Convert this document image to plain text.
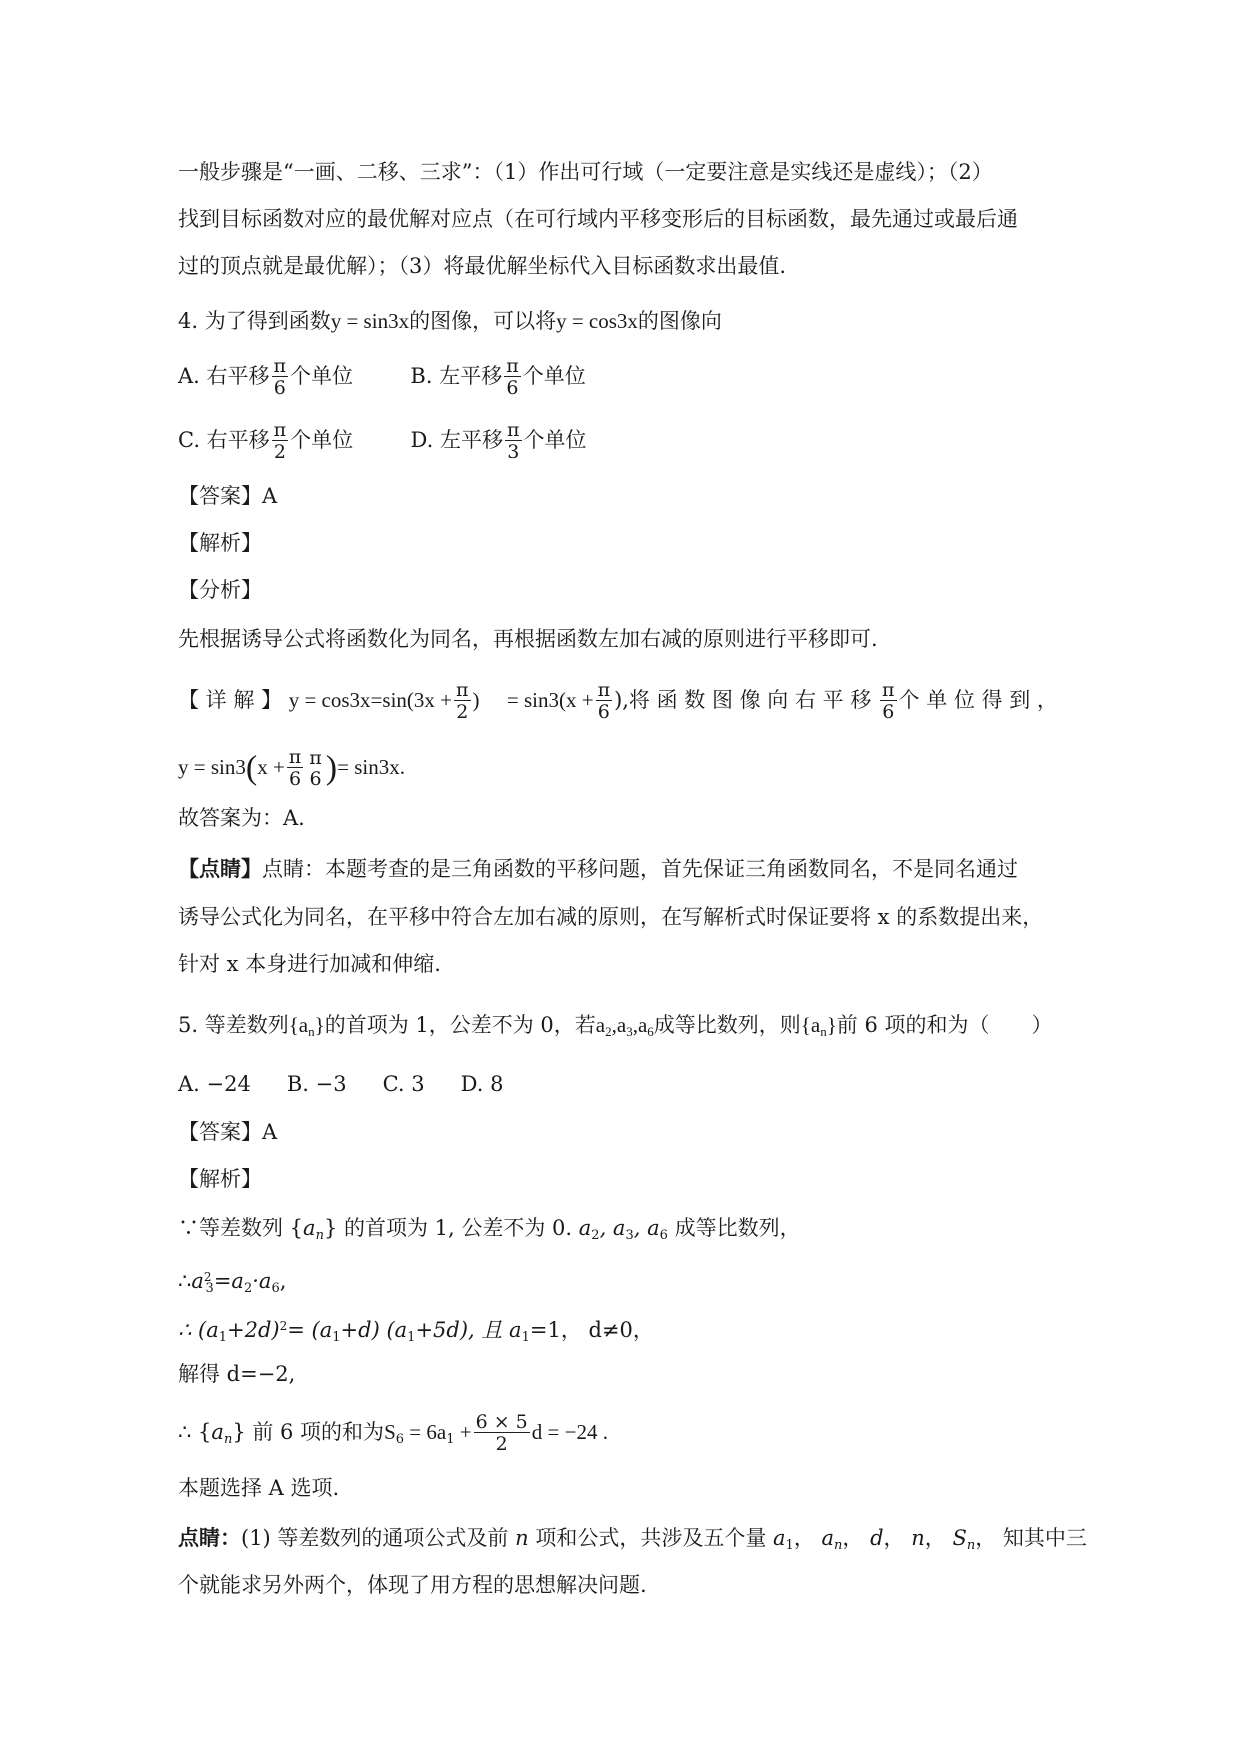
一般步骤是“一画、二移、三求”：（1）作出可行域（一定要注意是实线还是虚线）；（2）
找到目标函数对应的最优解对应点（在可行域内平移变形后的目标函数，最先通过或最后通
过的顶点就是最优解）；（3）将最优解坐标代入目标函数求出最值.
4. 为了得到函数y = sin3x的图像，可以将y = cos3x的图像向
A. 右平移 $\frac{\pi}{6}$ 个单位	B. 左平移 $\frac{\pi}{6}$ 个单位
C. 右平移 $\frac{\pi}{2}$ 个单位	D. 左平移 $\frac{\pi}{3}$ 个单位
【答案】A
【解析】
【分析】
先根据诱导公式将函数化为同名，再根据函数左加右减的原则进行平移即可.
【 详 解 】 $y = \cos 3x=\sin(3x + \frac{\pi}{2}$ ) = $\sin 3(x + \frac{\pi}{6}$ ),将 函 数 图 像 向 右 平 移 $\frac{\pi}{6}$ 个 单 位 得 到 ，
$y = \sin 3(x + \frac{\pi}{6}$ π
6 )= sin3x.
故答案为：A.
【点睛】点睛：本题考查的是三角函数的平移问题，首先保证三角函数同名，不是同名通过
诱导公式化为同名，在平移中符合左加右减的原则，在写解析式时保证要将 x 的系数提出来，
针对 x 本身进行加减和伸缩.
5. 等差数列$\{a_n\}$的首项为 1，公差不为 0，若$a_2,a_3,a_6$成等比数列，则$\{a_n\}$前 6 项的和为（　　）
A. −24 B. −3 C. 3 D. 8
【答案】A
【解析】
∵等差数列 $\{a_n\}$ 的首项为 1, 公差不为 0. $a_2$, $a_3$, $a_6$ 成等比数列，
$\therefore a^2_3=a_2\cdot a_6$,
∴ $(a_1+2d)^2= (a_1+d)$ $(a_1+5d)$, 且 $a_1=1$， d≠0，
解得 d=−2,
∴ $\{a_n\}$ 前 6 项的和为$S_6 = 6a_1 + \frac{6 \times 5}{2}$ d = −24 .
本题选择 A 选项.
点睛：(1) 等差数列的通项公式及前 n 项和公式，共涉及五个量 $a_1$， $a_n$， d， n， $S_n$， 知其中三
个就能求另外两个，体现了用方程的思想解决问题.
